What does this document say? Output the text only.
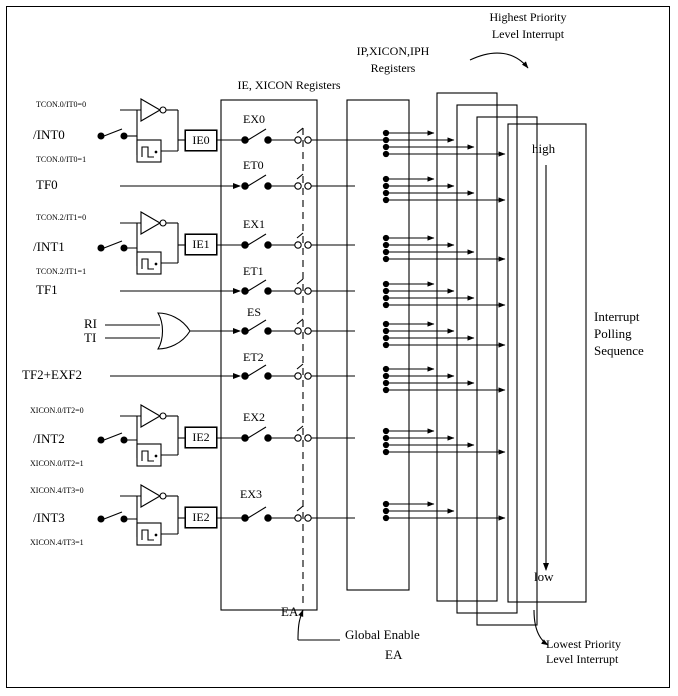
IE, XICON Registers
IP,XICON,IPH
Registers
Highest Priority
Level Interrupt
Lowest Priority
Level Interrupt
Interrupt
Polling
Sequence
high
low
Global Enable
EA
EA
TCON.0/IT0=0
/INT0
TCON.0/IT0=1
IE0
EX0
TF0
ET0
TCON.2/IT1=0
/INT1
TCON.2/IT1=1
IE1
EX1
TF1
ET1
RI
TI
ES
TF2+EXF2
ET2
XICON.0/IT2=0
/INT2
XICON.0/IT2=1
IE2
EX2
XICON.4/IT3=0
/INT3
XICON.4/IT3=1
IE2
EX3
